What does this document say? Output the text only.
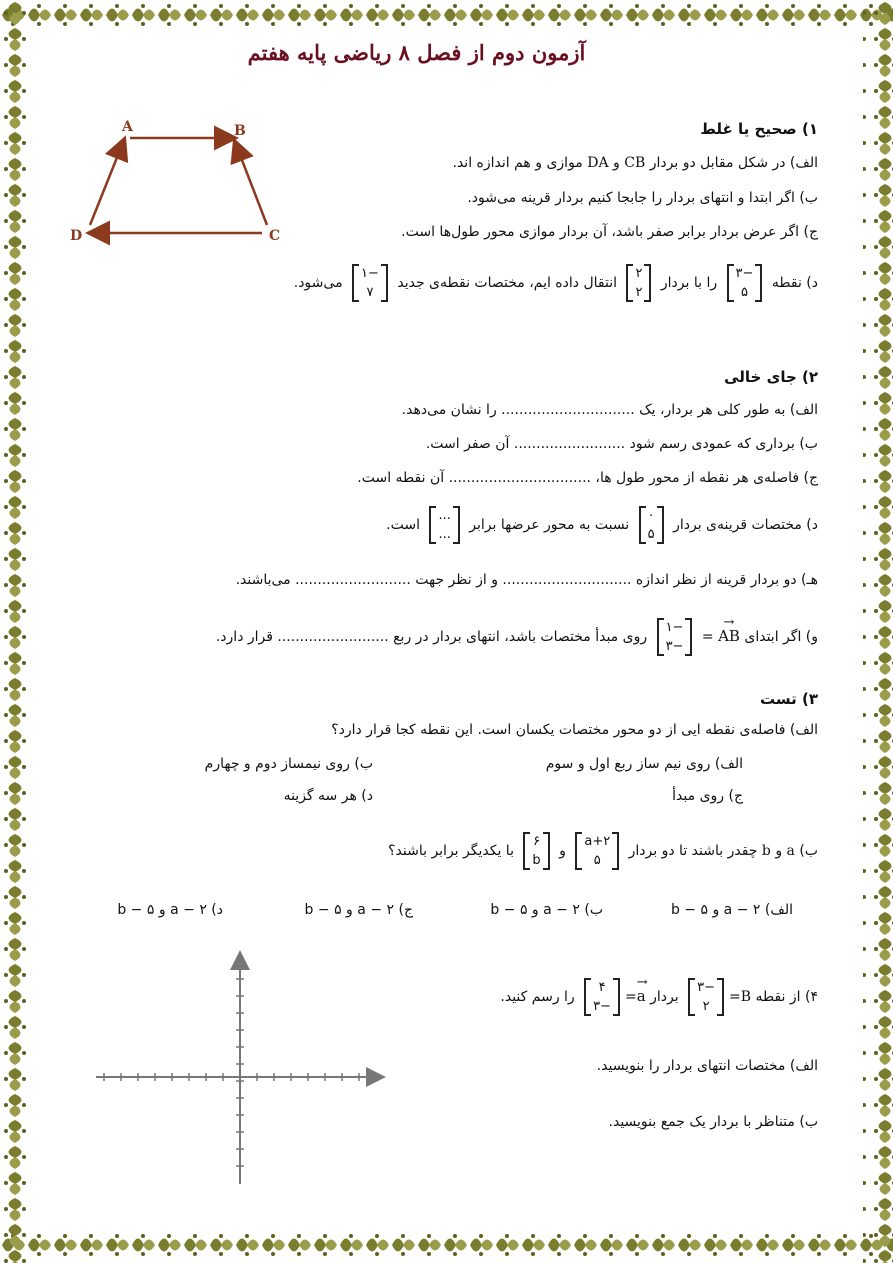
آزمون دوم از فصل ۸ ریاضی پایه هفتم
۱) صحیح یا غلط
الف) در شکل مقابل دو بردار CB و DA موازی و هم اندازه اند.
ب) اگر ابتدا و انتهای بردار را جابجا کنیم بردار قرینه می‌شود.
ج) اگر عرض بردار برابر صفر باشد، آن بردار موازی محور طول‌ها است.
د) نقطه
۳−
۵
را با بردار
۲
۲
انتقال داده ایم، مختصات نقطه‌ی جدید
۱−
۷
می‌شود.
A	B
C
D
۲) جای خالی
الف) به طور کلی هر بردار، یک .............................. را نشان می‌دهد.
ب) برداری که عمودی رسم شود ......................... آن صفر است.
ج) فاصله‌ی هر نقطه از محور طول ها، ................................ آن نقطه است.
د) مختصات قرینه‌ی بردار
۰
۵
نسبت به محور عرضها برابر
...
...
است.
هـ) دو بردار قرینه از نظر اندازه ............................. و از نظر جهت .......................... می‌باشند.
و) اگر ابتدای → AB =
۱−
۳−
روی مبدأ مختصات باشد، انتهای بردار در ربع ......................... قرار دارد.
۳) تست
الف) فاصله‌ی نقطه ایی از دو محور مختصات یکسان است. این نقطه کجا قرار دارد؟
الف) روی نیم ساز ربع اول و سوم
ب) روی نیمساز دوم و چهارم
ج) روی مبدأ
د) هر سه گزینه
ب) a و b چقدر باشند تا دو بردار
a+۲
۵
و
۶
b
با یکدیگر برابر باشند؟
الف) ۲ − a و ۵ − b
ب) ۲ − a و ۵ − b
ج) ۲ − a و ۵ − b
د) ۲ − a و ۵ − b
۴) از نقطه B=
۳−
۲
بردار → a=
۴
۳−
را رسم کنید.
الف) مختصات انتهای بردار را بنویسید.
ب) متناظر با بردار یک جمع بنویسید.
